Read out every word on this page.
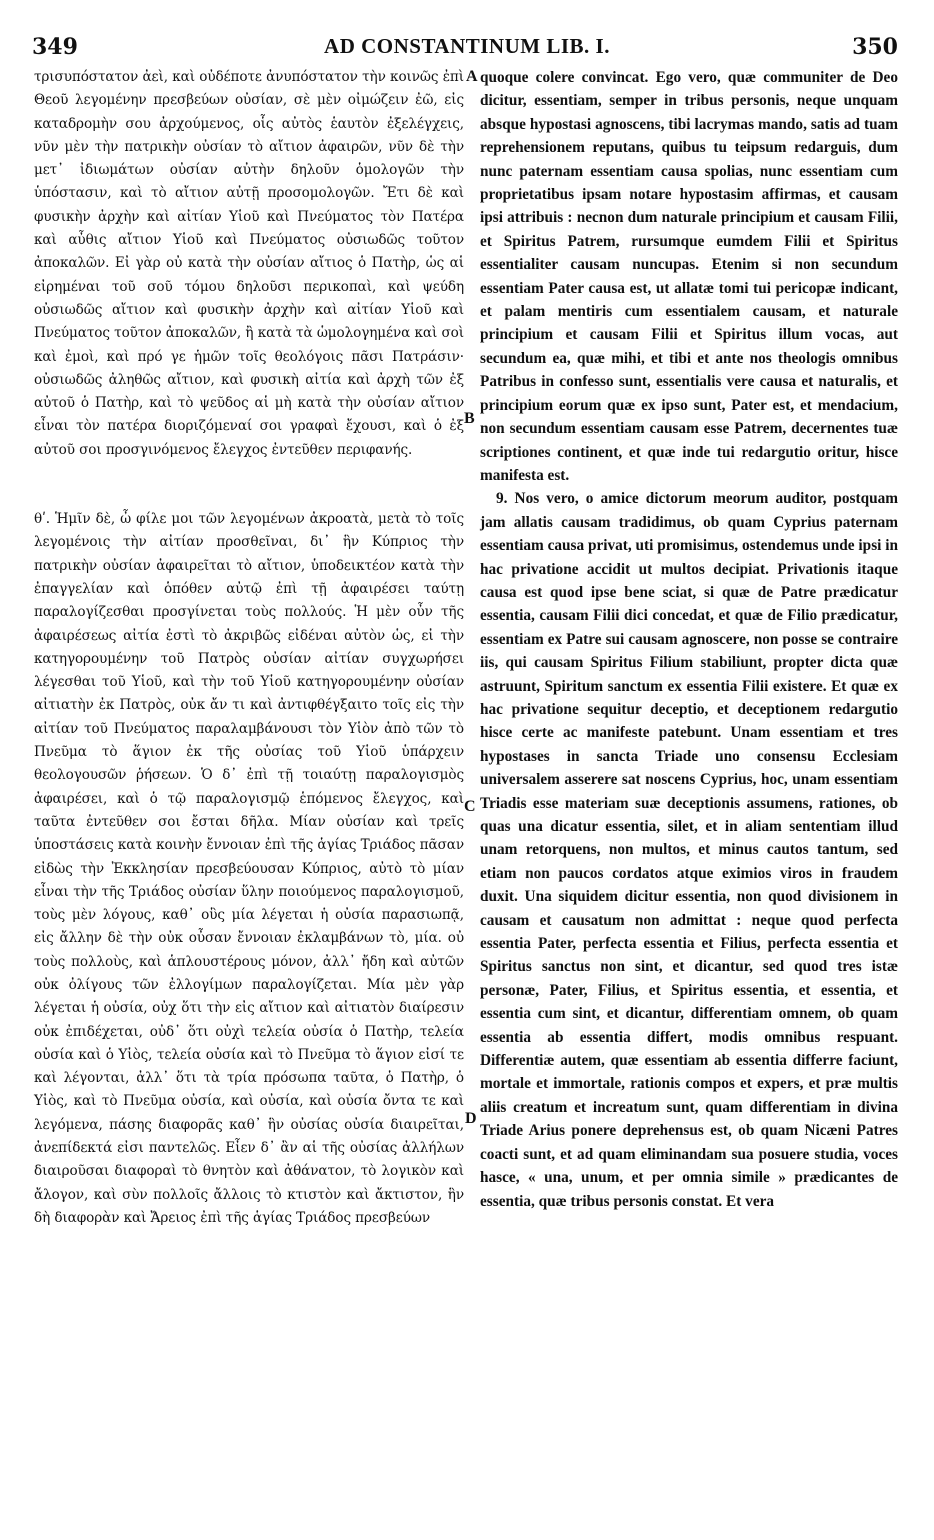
349	AD CONSTANTINUM LIB. I.	350

τρισυπόστατον ἀεὶ, καὶ οὐδέποτε ἀνυπόστατον τὴν κοινῶς ἐπὶ Θεοῦ λεγομένην πρεσβεύων οὐσίαν, σὲ μὲν οἰμώζειν ἐῶ, εἰς καταδρομὴν σου ἀρχούμενος, οἷς αὐτὸς ἑαυτὸν ἐξελέγχεις, νῦν μὲν τὴν πατρικὴν οὐσίαν τὸ αἴτιον ἀφαιρῶν, νῦν δὲ τὴν μετ᾽ ἰδιωμάτων οὐσίαν αὐτὴν δηλοῦν ὁμολογῶν τὴν ὑπόστασιν, καὶ τὸ αἴτιον αὐτῇ προσομολογῶν. Ἔτι δὲ καὶ φυσικὴν ἀρχὴν καὶ αἰτίαν Υἱοῦ καὶ Πνεύματος τὸν Πατέρα καὶ αὖθις αἴτιον Υἱοῦ καὶ Πνεύματος οὐσιωδῶς τοῦτον ἀποκαλῶν. Εἰ γὰρ οὐ κατὰ τὴν οὐσίαν αἴτιος ὁ Πατὴρ, ὡς αἱ εἰρημέναι τοῦ σοῦ τόμου δηλοῦσι περικοπαὶ, καὶ ψεύδη οὐσιωδῶς αἴτιον καὶ φυσικὴν ἀρχὴν καὶ αἰτίαν Υἱοῦ καὶ Πνεύματος τοῦτον ἀποκαλῶν, ἢ κατὰ τὰ ὡμολογημένα καὶ σοὶ καὶ ἐμοὶ, καὶ πρό γε ἡμῶν τοῖς θεολόγοις πᾶσι Πατράσιν· οὐσιωδῶς ἀληθῶς αἴτιον, καὶ φυσικὴ αἰτία καὶ ἀρχὴ τῶν ἐξ αὐτοῦ ὁ Πατὴρ, καὶ τὸ ψεῦδος αἱ μὴ κατὰ τὴν οὐσίαν αἴτιον εἶναι τὸν πατέρα διοριζόμεναί σοι γραφαὶ ἔχουσι, καὶ ὁ ἐξ αὐτοῦ σοι προσγινόμενος ἔλεγχος ἐντεῦθεν περιφανής.

θʹ. Ἡμῖν δὲ, ὦ φίλε μοι τῶν λεγομένων ἀκροατὰ, μετὰ τὸ τοῖς λεγομένοις τὴν αἰτίαν προσθεῖναι, δι᾽ ἣν Κύπριος τὴν πατρικὴν οὐσίαν ἀφαιρεῖται τὸ αἴτιον, ὑποδεικτέον κατὰ τὴν ἐπαγγελίαν καὶ ὁπόθεν αὐτῷ ἐπὶ τῇ ἀφαιρέσει ταύτῃ παραλογίζεσθαι προσγίνεται τοὺς πολλούς. Ἡ μὲν οὖν τῆς ἀφαιρέσεως αἰτία ἐστὶ τὸ ἀκριβῶς εἰδέναι αὐτὸν ὡς, εἰ τὴν κατηγορουμένην τοῦ Πατρὸς οὐσίαν αἰτίαν συγχωρήσει λέγεσθαι τοῦ Υἱοῦ, καὶ τὴν τοῦ Υἱοῦ κατηγορουμένην οὐσίαν αἰτιατὴν ἐκ Πατρὸς, οὐκ ἄν τι καὶ ἀντιφθέγξαιτο τοῖς εἰς τὴν αἰτίαν τοῦ Πνεύματος παραλαμβάνουσι τὸν Υἱὸν ἀπὸ τῶν τὸ Πνεῦμα τὸ ἅγιον ἐκ τῆς οὐσίας τοῦ Υἱοῦ ὑπάρχειν θεολογουσῶν ῥήσεων. Ὁ δ᾽ ἐπὶ τῇ τοιαύτῃ παραλογισμὸς ἀφαιρέσει, καὶ ὁ τῷ παραλογισμῷ ἑπόμενος ἔλεγχος, καὶ ταῦτα ἐντεῦθεν σοι ἔσται δῆλα. Μίαν οὐσίαν καὶ τρεῖς ὑποστάσεις κατὰ κοινὴν ἔννοιαν ἐπὶ τῆς ἁγίας Τριάδος πᾶσαν εἰδὼς τὴν Ἐκκλησίαν πρεσβεύουσαν Κύπριος, αὐτὸ τὸ μίαν εἶναι τὴν τῆς Τριάδος οὐσίαν ὕλην ποιούμενος παραλογισμοῦ, τοὺς μὲν λόγους, καθ᾽ οὓς μία λέγεται ἡ οὐσία παρασιωπᾷ, εἰς ἄλλην δὲ τὴν οὐκ οὖσαν ἔννοιαν ἐκλαμβάνων τὸ, μία. οὐ τοὺς πολλοὺς, καὶ ἁπλουστέρους μόνον, ἀλλ᾽ ἤδη καὶ αὐτῶν οὐκ ὀλίγους τῶν ἐλλογίμων παραλογίζεται. Μία μὲν γὰρ λέγεται ἡ οὐσία, οὐχ ὅτι τὴν εἰς αἴτιον καὶ αἰτιατὸν διαίρεσιν οὐκ ἐπιδέχεται, οὐδ᾽ ὅτι οὐχὶ τελεία οὐσία ὁ Πατὴρ, τελεία οὐσία καὶ ὁ Υἱὸς, τελεία οὐσία καὶ τὸ Πνεῦμα τὸ ἅγιον εἰσί τε καὶ λέγονται, ἀλλ᾽ ὅτι τὰ τρία πρόσωπα ταῦτα, ὁ Πατὴρ, ὁ Υἱὸς, καὶ τὸ Πνεῦμα οὐσία, καὶ οὐσία, καὶ οὐσία ὄντα τε καὶ λεγόμενα, πάσης διαφορᾶς καθ᾽ ἣν οὐσίας οὐσία διαιρεῖται, ἀνεπίδεκτά εἰσι παντελῶς. Εἶεν δ᾽ ἂν αἱ τῆς οὐσίας ἀλλήλων διαιροῦσαι διαφοραὶ τὸ θνητὸν καὶ ἀθάνατον, τὸ λογικὸν καὶ ἄλογον, καὶ σὺν πολλοῖς ἄλλοις τὸ κτιστὸν καὶ ἄκτιστον, ἣν δὴ διαφορὰν καὶ Ἄρειος ἐπὶ τῆς ἁγίας Τριάδος πρεσβεύων

quoque colere convincat. Ego vero, quæ communiter de Deo dicitur, essentiam, semper in tribus personis, neque unquam absque hypostasi agnoscens, tibi lacrymas mando, satis ad tuam reprehensionem reputans, quibus tu teipsum redarguis, dum nunc paternam essentiam causa spolias, nunc essentiam cum proprietatibus ipsam notare hypostasim affirmas, et causam ipsi attribuis : necnon dum naturale principium et causam Filii, et Spiritus Patrem, rursumque eumdem Filii et Spiritus essentialiter causam nuncupas. Etenim si non secundum essentiam Pater causa est, ut allatæ tomi tui pericopæ indicant, et palam mentiris cum essentialem causam, et naturale principium et causam Filii et Spiritus illum vocas, aut secundum ea, quæ mihi, et tibi et ante nos theologis omnibus Patribus in confesso sunt, essentialis vere causa et naturalis, et principium eorum quæ ex ipso sunt, Pater est, et mendacium, non secundum essentiam causam esse Patrem, decernentes tuæ scriptiones continent, et quæ inde tui redargutio oritur, hisce manifesta est.

9. Nos vero, o amice dictorum meorum auditor, postquam jam allatis causam tradidimus, ob quam Cyprius paternam essentiam causa privat, uti promisimus, ostendemus unde ipsi in hac privatione accidit ut multos decipiat. Privationis itaque causa est quod ipse bene sciat, si quæ de Patre prædicatur essentia, causam Filii dici concedat, et quæ de Filio prædicatur, essentiam ex Patre sui causam agnoscere, non posse se contraire iis, qui causam Spiritus Filium stabiliunt, propter dicta quæ astruunt, Spiritum sanctum ex essentia Filii existere. Et quæ ex hac privatione sequitur deceptio, et deceptionem redargutio hisce certe ac manifeste patebunt. Unam essentiam et tres hypostases in sancta Triade uno consensu Ecclesiam universalem asserere sat noscens Cyprius, hoc, unam essentiam Triadis esse materiam suæ deceptionis assumens, rationes, ob quas una dicatur essentia, silet, et in aliam sententiam illud unam retorquens, non multos, et minus cautos tantum, sed etiam non paucos cordatos atque eximios viros in fraudem duxit. Una siquidem dicitur essentia, non quod divisionem in causam et causatum non admittat : neque quod perfecta essentia Pater, perfecta essentia et Filius, perfecta essentia et Spiritus sanctus non sint, et dicantur, sed quod tres istæ personæ, Pater, Filius, et Spiritus essentia, et essentia, et essentia cum sint, et dicantur, differentiam omnem, ob quam essentia ab essentia differt, modis omnibus respuant. Differentiæ autem, quæ essentiam ab essentia differre faciunt, mortale et immortale, rationis compos et expers, et præ multis aliis creatum et increatum sunt, quam differentiam in divina Triade Arius ponere deprehensus est, ob quam Nicæni Patres coacti sunt, et ad quam eliminandam sua posuere studia, voces hasce, « una, unum, et per omnia simile » prædicantes de essentia, quæ tribus personis constat. Et vera

A
B
C
D
